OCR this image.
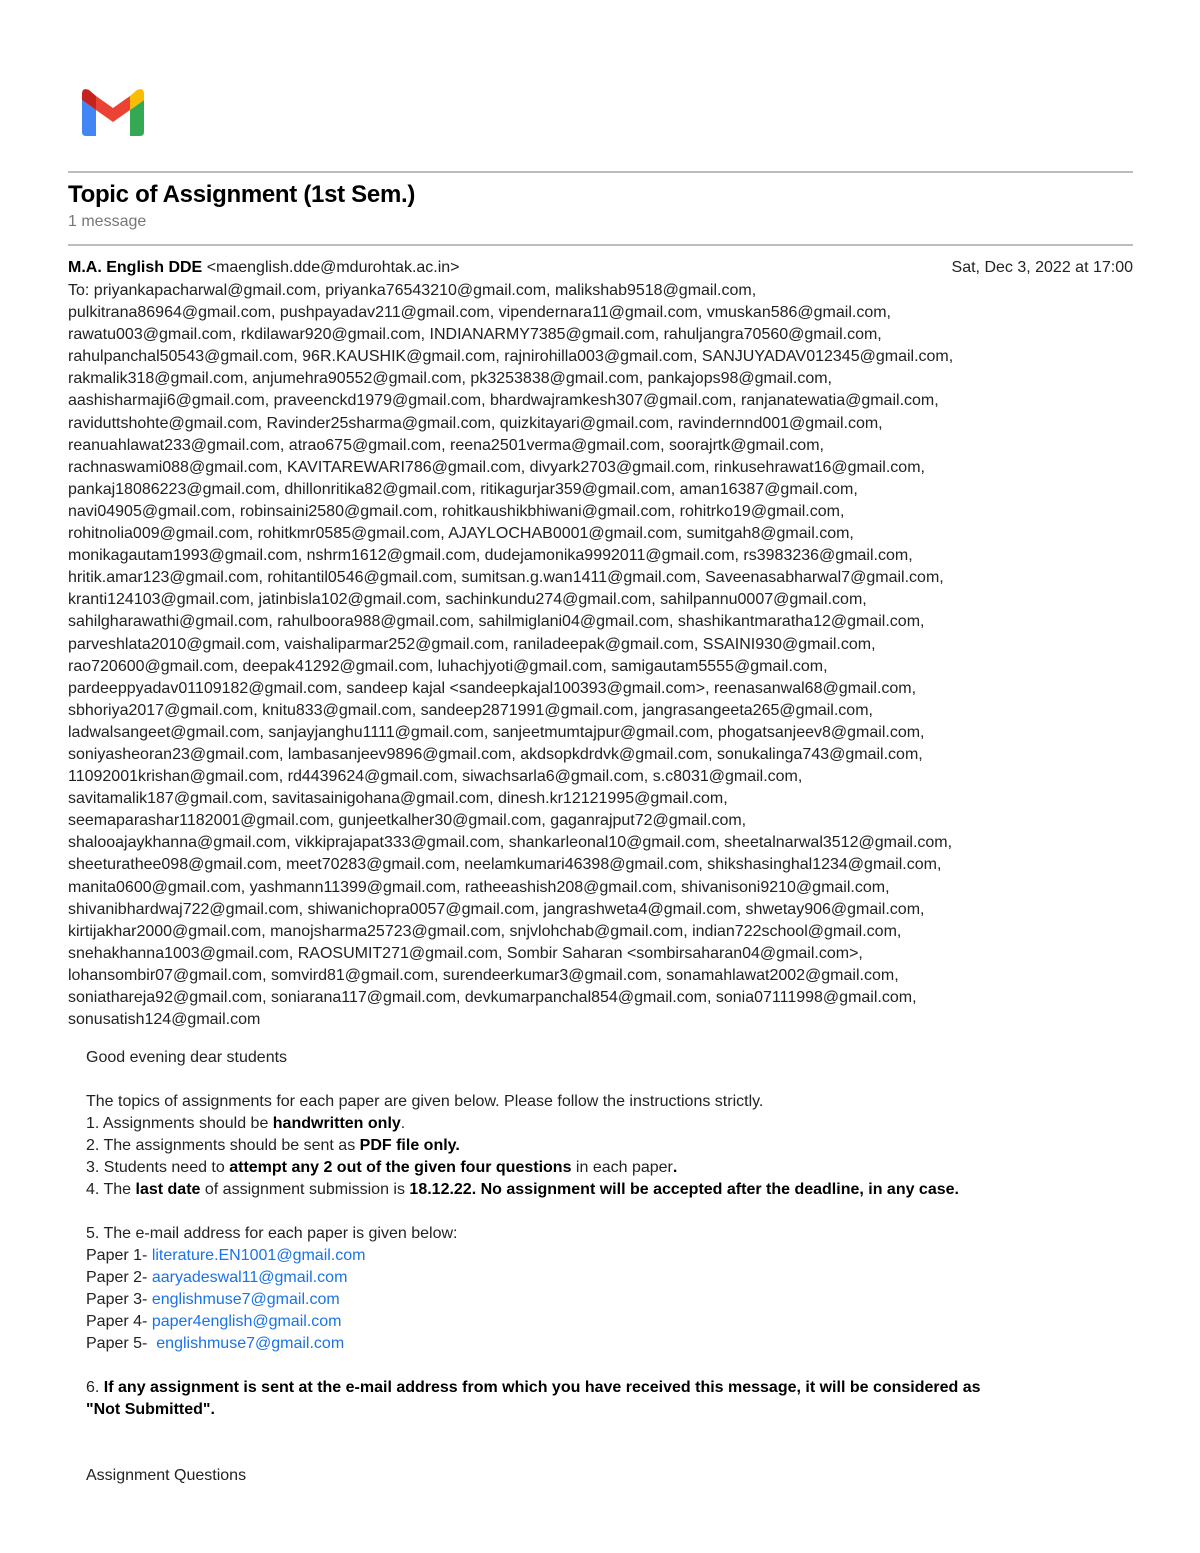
Topic of Assignment (1st Sem.)
1 message
M.A. English DDE <maenglish.dde@mdurohtak.ac.in>	Sat, Dec 3, 2022 at 17:00
To: priyankapacharwal@gmail.com, priyanka76543210@gmail.com, malikshab9518@gmail.com,
pulkitrana86964@gmail.com, pushpayadav211@gmail.com, vipendernara11@gmail.com, vmuskan586@gmail.com,
rawatu003@gmail.com, rkdilawar920@gmail.com, INDIANARMY7385@gmail.com, rahuljangra70560@gmail.com,
rahulpanchal50543@gmail.com, 96R.KAUSHIK@gmail.com, rajnirohilla003@gmail.com, SANJUYADAV012345@gmail.com,
rakmalik318@gmail.com, anjumehra90552@gmail.com, pk3253838@gmail.com, pankajops98@gmail.com,
aashisharmaji6@gmail.com, praveenckd1979@gmail.com, bhardwajramkesh307@gmail.com, ranjanatewatia@gmail.com,
raviduttshohte@gmail.com, Ravinder25sharma@gmail.com, quizkitayari@gmail.com, ravindernnd001@gmail.com,
reanuahlawat233@gmail.com, atrao675@gmail.com, reena2501verma@gmail.com, soorajrtk@gmail.com,
rachnaswami088@gmail.com, KAVITAREWARI786@gmail.com, divyark2703@gmail.com, rinkusehrawat16@gmail.com,
pankaj18086223@gmail.com, dhillonritika82@gmail.com, ritikagurjar359@gmail.com, aman16387@gmail.com,
navi04905@gmail.com, robinsaini2580@gmail.com, rohitkaushikbhiwani@gmail.com, rohitrko19@gmail.com,
rohitnolia009@gmail.com, rohitkmr0585@gmail.com, AJAYLOCHAB0001@gmail.com, sumitgah8@gmail.com,
monikagautam1993@gmail.com, nshrm1612@gmail.com, dudejamonika9992011@gmail.com, rs3983236@gmail.com,
hritik.amar123@gmail.com, rohitantil0546@gmail.com, sumitsan.g.wan1411@gmail.com, Saveenasabharwal7@gmail.com,
kranti124103@gmail.com, jatinbisla102@gmail.com, sachinkundu274@gmail.com, sahilpannu0007@gmail.com,
sahilgharawathi@gmail.com, rahulboora988@gmail.com, sahilmiglani04@gmail.com, shashikantmaratha12@gmail.com,
parveshlata2010@gmail.com, vaishaliparmar252@gmail.com, raniladeepak@gmail.com, SSAINI930@gmail.com,
rao720600@gmail.com, deepak41292@gmail.com, luhachjyoti@gmail.com, samigautam5555@gmail.com,
pardeeppyadav01109182@gmail.com, sandeep kajal <sandeepkajal100393@gmail.com>, reenasanwal68@gmail.com,
sbhoriya2017@gmail.com, knitu833@gmail.com, sandeep2871991@gmail.com, jangrasangeeta265@gmail.com,
ladwalsangeet@gmail.com, sanjayjanghu1111@gmail.com, sanjeetmumtajpur@gmail.com, phogatsanjeev8@gmail.com,
soniyasheoran23@gmail.com, lambasanjeev9896@gmail.com, akdsopkdrdvk@gmail.com, sonukalinga743@gmail.com,
11092001krishan@gmail.com, rd4439624@gmail.com, siwachsarla6@gmail.com, s.c8031@gmail.com,
savitamalik187@gmail.com, savitasainigohana@gmail.com, dinesh.kr12121995@gmail.com,
seemaparashar1182001@gmail.com, gunjeetkalher30@gmail.com, gaganrajput72@gmail.com,
shalooajaykhanna@gmail.com, vikkiprajapat333@gmail.com, shankarleonal10@gmail.com, sheetalnarwal3512@gmail.com,
sheeturathee098@gmail.com, meet70283@gmail.com, neelamkumari46398@gmail.com, shikshasinghal1234@gmail.com,
manita0600@gmail.com, yashmann11399@gmail.com, ratheeashish208@gmail.com, shivanisoni9210@gmail.com,
shivanibhardwaj722@gmail.com, shiwanichopra0057@gmail.com, jangrashweta4@gmail.com, shwetay906@gmail.com,
kirtijakhar2000@gmail.com, manojsharma25723@gmail.com, snjvlohchab@gmail.com, indian722school@gmail.com,
snehakhanna1003@gmail.com, RAOSUMIT271@gmail.com, Sombir Saharan <sombirsaharan04@gmail.com>,
lohansombir07@gmail.com, somvird81@gmail.com, surendeerkumar3@gmail.com, sonamahlawat2002@gmail.com,
soniathareja92@gmail.com, soniarana117@gmail.com, devkumarpanchal854@gmail.com, sonia07111998@gmail.com,
sonusatish124@gmail.com
Good evening dear students
The topics of assignments for each paper are given below. Please follow the instructions strictly.
1. Assignments should be handwritten only.
2. The assignments should be sent as PDF file only.
3. Students need to attempt any 2 out of the given four questions in each paper.
4. The last date of assignment submission is 18.12.22. No assignment will be accepted after the deadline, in any case.
5. The e-mail address for each paper is given below:
Paper 1- literature.EN1001@gmail.com
Paper 2- aaryadeswal11@gmail.com
Paper 3- englishmuse7@gmail.com
Paper 4- paper4english@gmail.com
Paper 5-  englishmuse7@gmail.com
6. If any assignment is sent at the e-mail address from which you have received this message, it will be considered as
"Not Submitted".
Assignment Questions
